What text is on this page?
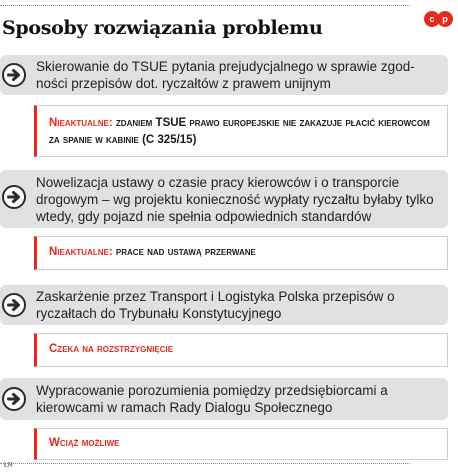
Sposoby rozwiązania problemu	c p
Skierowanie do TSUE pytania prejudycjalnego w sprawie zgod-ności przepisów dot. ryczałtów z prawem unijnym
Nieaktualne: zdaniem TSUE prawo europejskie nie zakazuje płacić kierowcom za spanie w kabinie (C 325/15)
Nowelizacja ustawy o czasie pracy kierowców i o transporcie drogowym – wg projektu konieczność wypłaty ryczałtu byłaby tylko wtedy, gdy pojazd nie spełnia odpowiednich standardów
Nieaktualne: prace nad ustawą przerwane
Zaskarżenie przez Transport i Logistyka Polska przepisów o ryczałtach do Trybunału Konstytucyjnego
Czeka na rozstrzygnięcie
Wypracowanie porozumienia pomiędzy przedsiębiorcami a kierowcami w ramach Rady Dialogu Społecznego
Wciąż możliwe
ŁR
